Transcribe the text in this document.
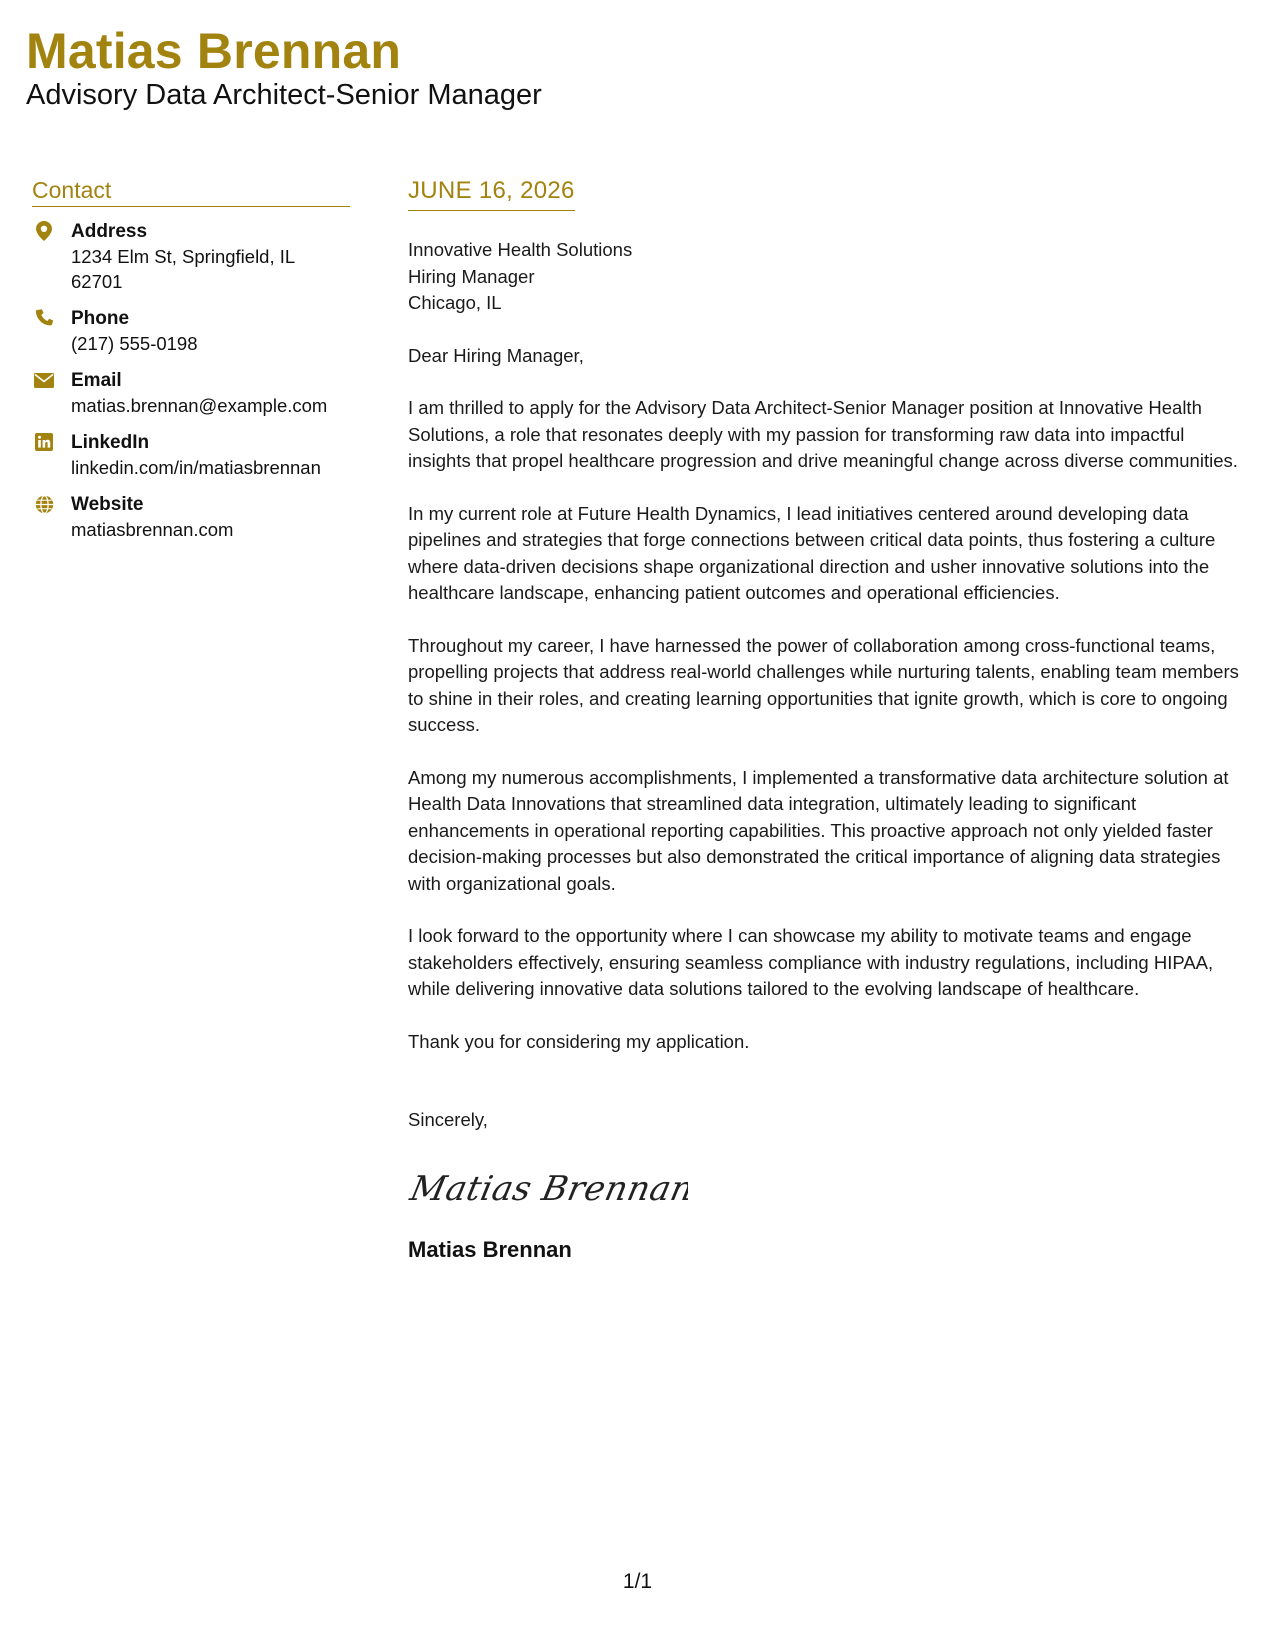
Matias Brennan
Advisory Data Architect-Senior Manager
Contact
Address
1234 Elm St, Springfield, IL 62701
Phone
(217) 555-0198
Email
matias.brennan@example.com
LinkedIn
linkedin.com/in/matiasbrennan
Website
matiasbrennan.com
JUNE 16, 2026
Innovative Health Solutions
Hiring Manager
Chicago, IL
Dear Hiring Manager,
I am thrilled to apply for the Advisory Data Architect-Senior Manager position at Innovative Health Solutions, a role that resonates deeply with my passion for transforming raw data into impactful insights that propel healthcare progression and drive meaningful change across diverse communities.
In my current role at Future Health Dynamics, I lead initiatives centered around developing data pipelines and strategies that forge connections between critical data points, thus fostering a culture where data-driven decisions shape organizational direction and usher innovative solutions into the healthcare landscape, enhancing patient outcomes and operational efficiencies.
Throughout my career, I have harnessed the power of collaboration among cross-functional teams, propelling projects that address real-world challenges while nurturing talents, enabling team members to shine in their roles, and creating learning opportunities that ignite growth, which is core to ongoing success.
Among my numerous accomplishments, I implemented a transformative data architecture solution at Health Data Innovations that streamlined data integration, ultimately leading to significant enhancements in operational reporting capabilities. This proactive approach not only yielded faster decision-making processes but also demonstrated the critical importance of aligning data strategies with organizational goals.
I look forward to the opportunity where I can showcase my ability to motivate teams and engage stakeholders effectively, ensuring seamless compliance with industry regulations, including HIPAA, while delivering innovative data solutions tailored to the evolving landscape of healthcare.
Thank you for considering my application.
Sincerely,
Matias Brennan
Matias Brennan
1/1
